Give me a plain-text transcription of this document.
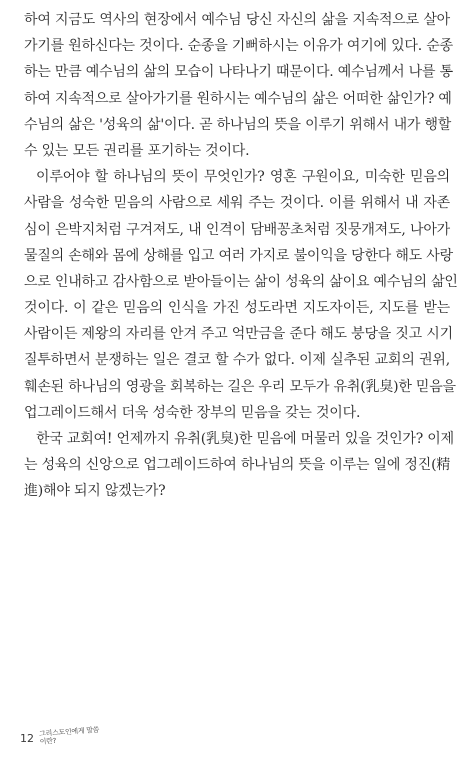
하여 지금도 역사의 현장에서 예수님 당신 자신의 삶을 지속적으로 살아
가기를 원하신다는 것이다. 순종을 기뻐하시는 이유가 여기에 있다. 순종
하는 만큼 예수님의 삶의 모습이 나타나기 때문이다. 예수님께서 나를 통
하여 지속적으로 살아가기를 원하시는 예수님의 삶은 어떠한 삶인가? 예
수님의 삶은 '성육의 삶'이다. 곧 하나님의 뜻을 이루기 위해서 내가 행할
수 있는 모든 권리를 포기하는 것이다.
이루어야 할 하나님의 뜻이 무엇인가? 영혼 구원이요, 미숙한 믿음의
사람을 성숙한 믿음의 사람으로 세워 주는 것이다. 이를 위해서 내 자존
심이 은박지처럼 구겨져도, 내 인격이 담배꽁초처럼 짓뭉개져도, 나아가
물질의 손해와 몸에 상해를 입고 여러 가지로 불이익을 당한다 해도 사랑
으로 인내하고 감사함으로 받아들이는 삶이 성육의 삶이요 예수님의 삶인
것이다. 이 같은 믿음의 인식을 가진 성도라면 지도자이든, 지도를 받는
사람이든 제왕의 자리를 안겨 주고 억만금을 준다 해도 붕당을 짓고 시기
질투하면서 분쟁하는 일은 결코 할 수가 없다. 이제 실추된 교회의 권위,
훼손된 하나님의 영광을 회복하는 길은 우리 모두가 유취(乳臭)한 믿음을
업그레이드해서 더욱 성숙한 장부의 믿음을 갖는 것이다.
한국 교회여! 언제까지 유취(乳臭)한 믿음에 머물러 있을 것인가? 이제
는 성육의 신앙으로 업그레이드하여 하나님의 뜻을 이루는 일에 정진(精
進)해야 되지 않겠는가?
12
그리스도인에게 말씀이란?
